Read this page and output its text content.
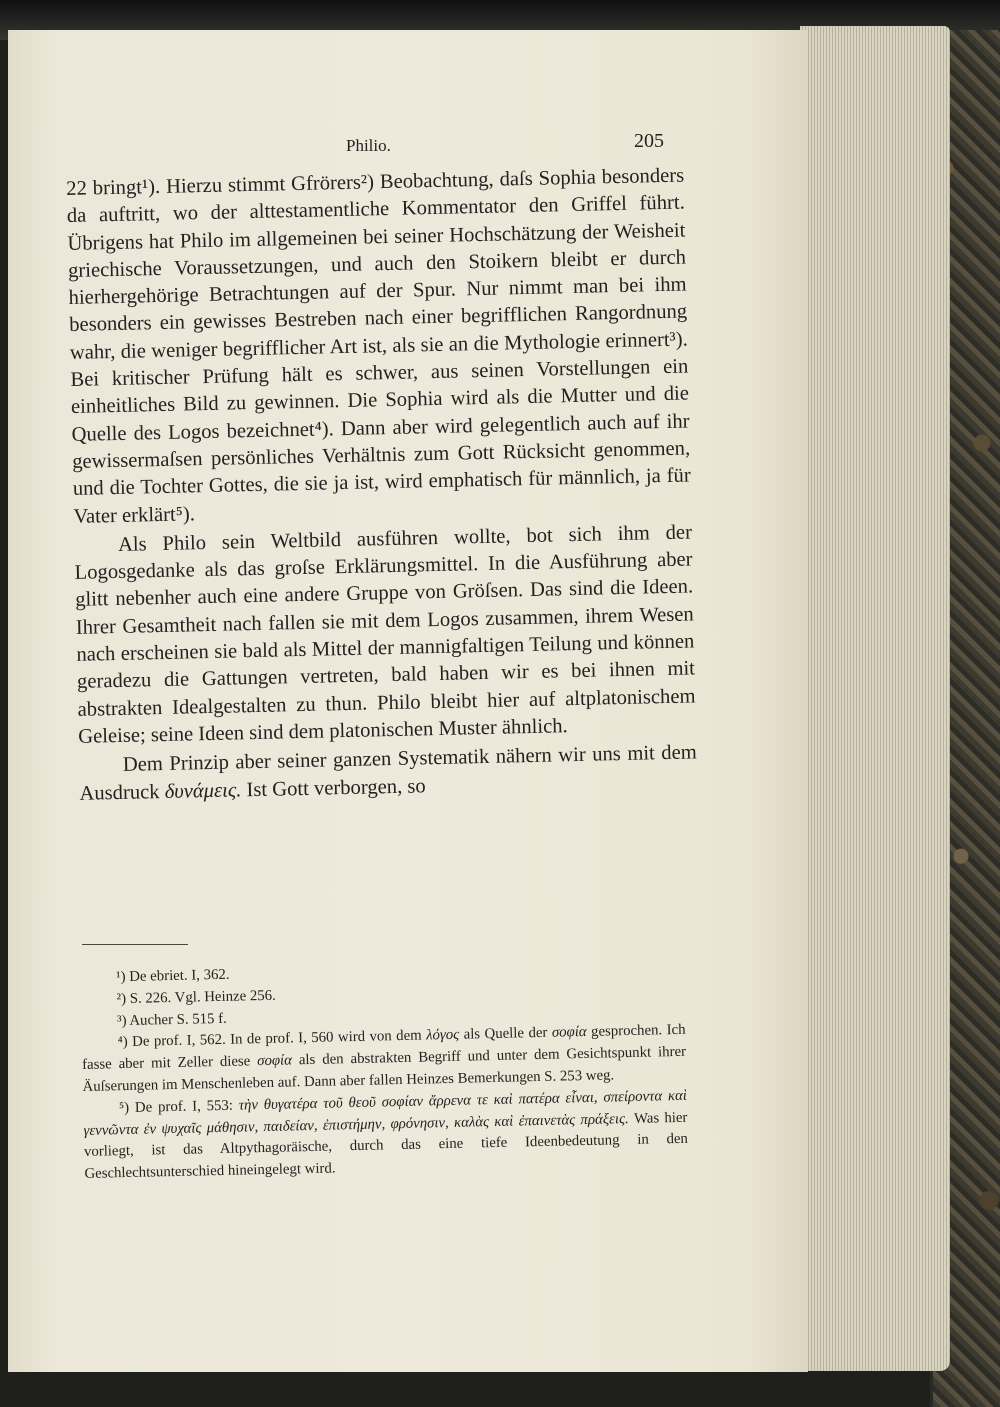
Philio.	205

22 bringt¹). Hierzu stimmt Gfrörers²) Beobachtung, daſs Sophia besonders da auftritt, wo der alttestamentliche Kommentator den Griffel führt. Übrigens hat Philo im allgemeinen bei seiner Hochschätzung der Weisheit griechische Voraussetzungen, und auch den Stoikern bleibt er durch hierhergehörige Betrachtungen auf der Spur. Nur nimmt man bei ihm besonders ein gewisses Bestreben nach einer begrifflichen Rangordnung wahr, die weniger begrifflicher Art ist, als sie an die Mythologie erinnert³). Bei kritischer Prüfung hält es schwer, aus seinen Vorstellungen ein einheitliches Bild zu gewinnen. Die Sophia wird als die Mutter und die Quelle des Logos bezeichnet⁴). Dann aber wird gelegentlich auch auf ihr gewissermaſsen persönliches Verhältnis zum Gott Rücksicht genommen, und die Tochter Gottes, die sie ja ist, wird emphatisch für männlich, ja für Vater erklärt⁵).

Als Philo sein Weltbild ausführen wollte, bot sich ihm der Logosgedanke als das groſse Erklärungsmittel. In die Ausführung aber glitt nebenher auch eine andere Gruppe von Gröſsen. Das sind die Ideen. Ihrer Gesamtheit nach fallen sie mit dem Logos zusammen, ihrem Wesen nach erscheinen sie bald als Mittel der mannigfaltigen Teilung und können geradezu die Gattungen vertreten, bald haben wir es bei ihnen mit abstrakten Idealgestalten zu thun. Philo bleibt hier auf altplatonischem Geleise; seine Ideen sind dem platonischen Muster ähnlich.

Dem Prinzip aber seiner ganzen Systematik nähern wir uns mit dem Ausdruck δυνάμεις. Ist Gott verborgen, so

¹) De ebriet. I, 362.

²) S. 226. Vgl. Heinze 256.

³) Aucher S. 515 f.

⁴) De prof. I, 562. In de prof. I, 560 wird von dem λόγος als Quelle der σοφία gesprochen. Ich fasse aber mit Zeller diese σοφία als den abstrakten Begriff und unter dem Gesichtspunkt ihrer Äuſserungen im Menschenleben auf. Dann aber fallen Heinzes Bemerkungen S. 253 weg.

⁵) De prof. I, 553: τὴν θυγατέρα τοῦ θεοῦ σοφίαν ἄρρενα τε καὶ πατέρα εἶναι, σπείροντα καὶ γεννῶντα ἐν ψυχαῖς μάθησιν, παιδείαν, ἐπιστήμην, φρόνησιν, καλὰς καὶ ἐπαινετὰς πράξεις. Was hier vorliegt, ist das Altpythagoräische, durch das eine tiefe Ideenbedeutung in den Geschlechtsunterschied hineingelegt wird.
